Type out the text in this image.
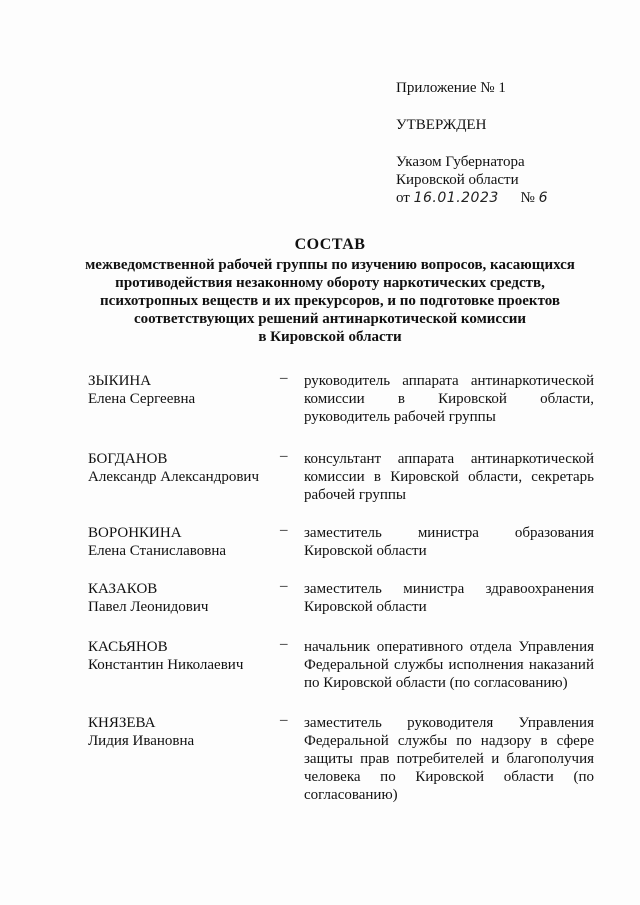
Приложение № 1
УТВЕРЖДЕН
Указом Губернатора
Кировской области
от 16.01.2023 № 6
СОСТАВ
межведомственной рабочей группы по изучению вопросов, касающихся
противодействия незаконному обороту наркотических средств,
психотропных веществ и их прекурсоров, и по подготовке проектов
соответствующих решений антинаркотической комиссии
в Кировской области
ЗЫКИНА
Елена Сергеевна
– руководитель аппарата антинаркотической комиссии в Кировской области, руководитель рабочей группы
БОГДАНОВ
Александр Александрович
– консультант аппарата антинаркотической комиссии в Кировской области, секретарь рабочей группы
ВОРОНКИНА
Елена Станиславовна
– заместитель министра образования Кировской области
КАЗАКОВ
Павел Леонидович
– заместитель министра здравоохранения Кировской области
КАСЬЯНОВ
Константин Николаевич
– начальник оперативного отдела Управления Федеральной службы исполнения наказаний по Кировской области (по согласованию)
КНЯЗЕВА
Лидия Ивановна
– заместитель руководителя Управления Федеральной службы по надзору в сфере защиты прав потребителей и благополучия человека по Кировской области (по согласованию)
